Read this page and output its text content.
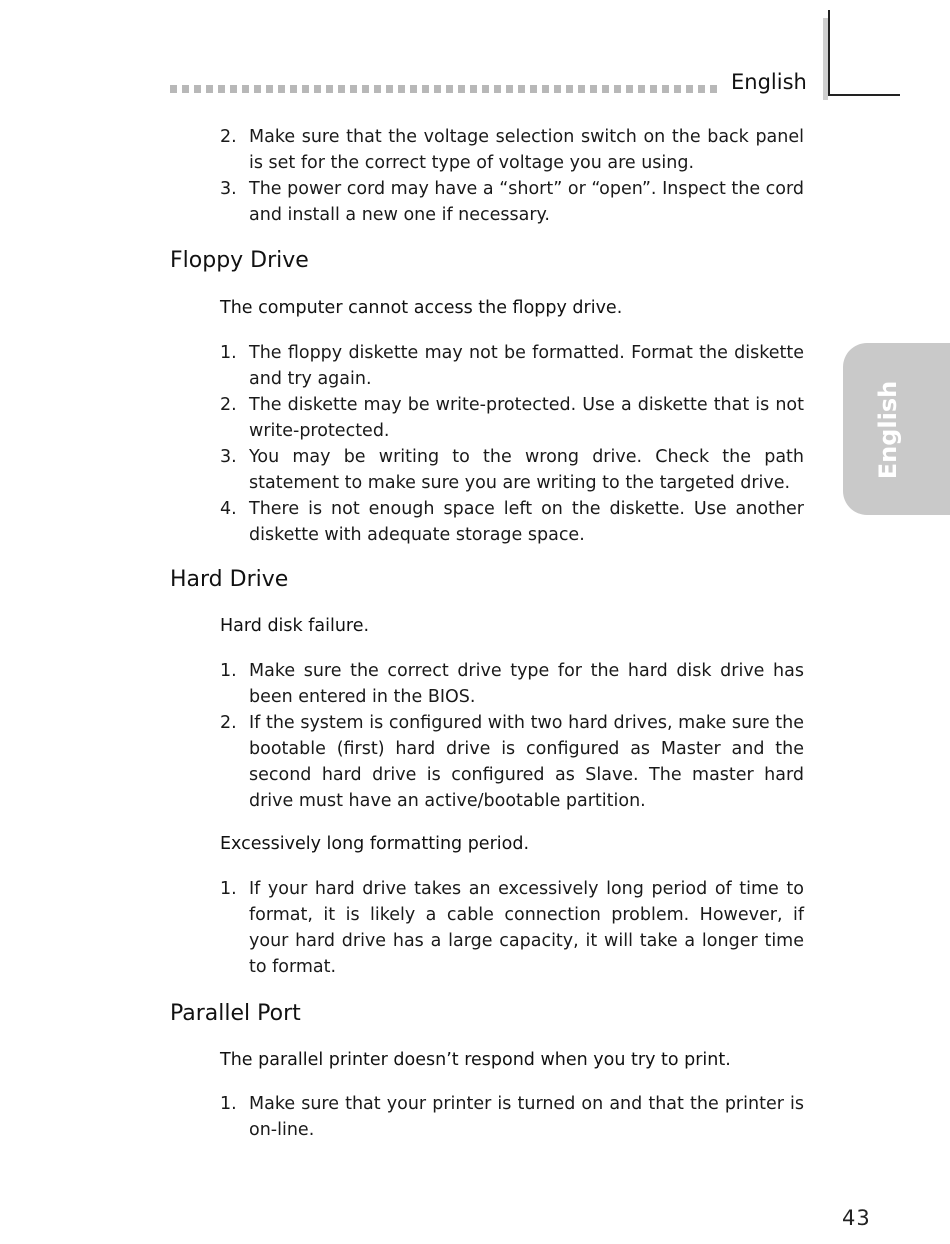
English
English
2. Make sure that the voltage selection switch on the back panel is set for the correct type of voltage you are using.
3. The power cord may have a “short” or “open”. Inspect the cord and install a new one if necessary.
Floppy Drive
The computer cannot access the floppy drive.
1. The floppy diskette may not be formatted. Format the diskette and try again.
2. The diskette may be write-protected. Use a diskette that is not write-protected.
3. You may be writing to the wrong drive. Check the path statement to make sure you are writing to the targeted drive.
4. There is not enough space left on the diskette. Use another diskette with adequate storage space.
Hard Drive
Hard disk failure.
1. Make sure the correct drive type for the hard disk drive has been entered in the BIOS.
2. If the system is configured with two hard drives, make sure the bootable (first) hard drive is configured as Master and the second hard drive is configured as Slave. The master hard drive must have an active/bootable partition.
Excessively long formatting period.
1. If your hard drive takes an excessively long period of time to format, it is likely a cable connection problem. However, if your hard drive has a large capacity, it will take a longer time to format.
Parallel Port
The parallel printer doesn’t respond when you try to print.
1. Make sure that your printer is turned on and that the printer is on-line.
43
